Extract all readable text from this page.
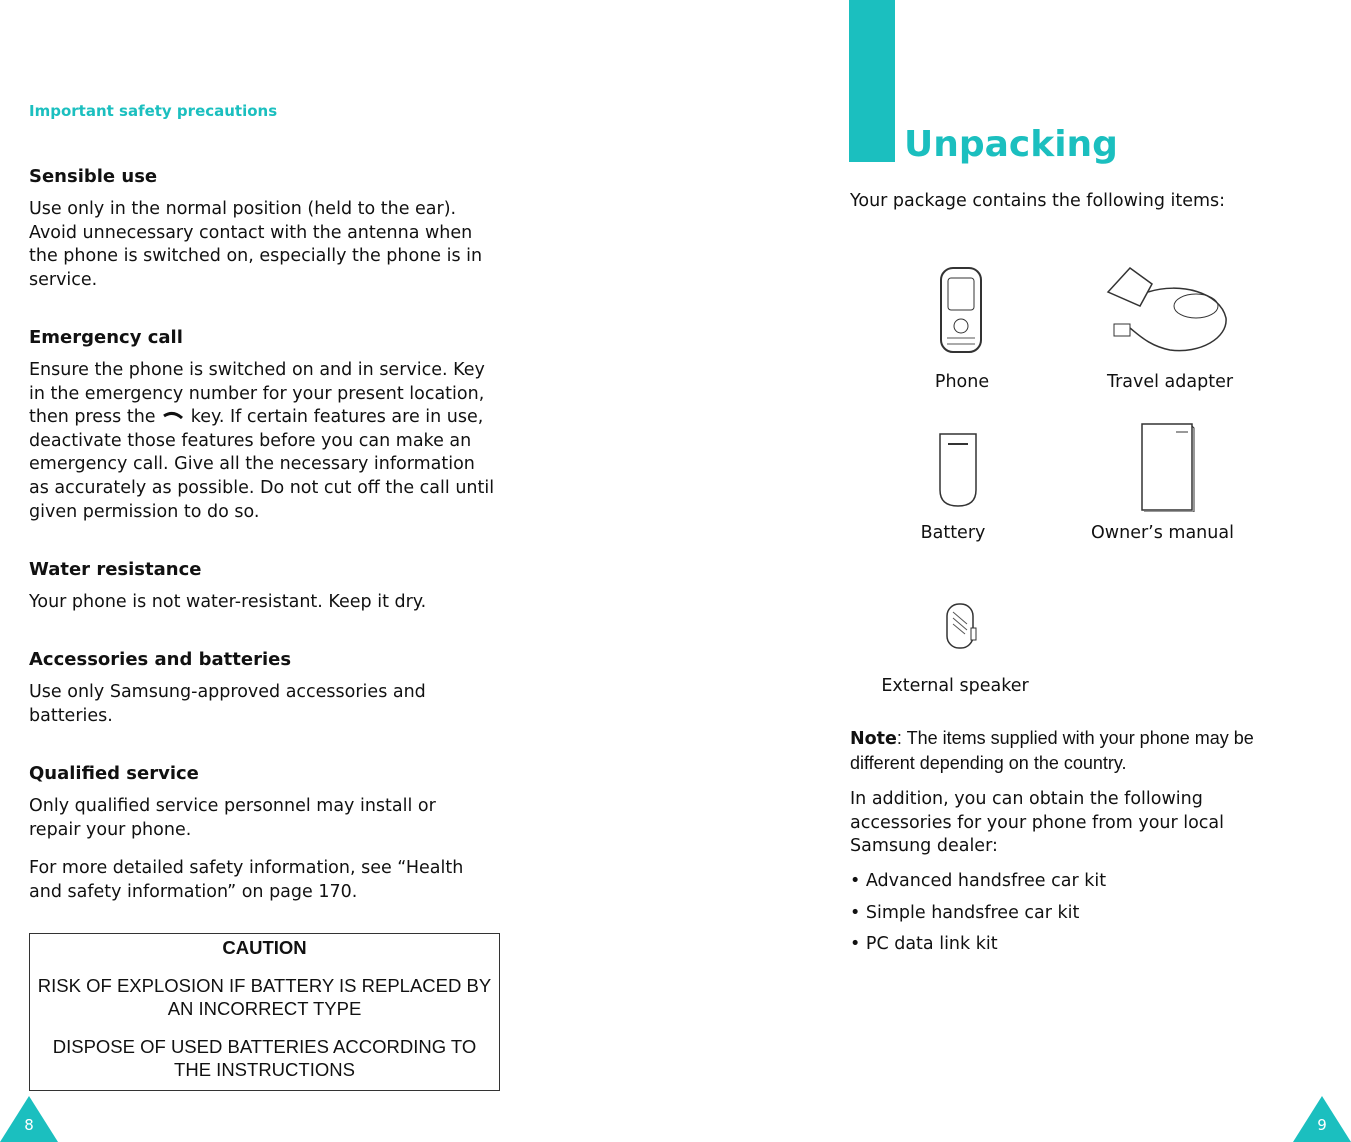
Important safety precautions
Sensible use
Use only in the normal position (held to the ear). Avoid unnecessary contact with the antenna when the phone is switched on, especially the phone is in service.
Emergency call
Ensure the phone is switched on and in service. Key in the emergency number for your present location, then press the key. If certain features are in use, deactivate those features before you can make an emergency call. Give all the necessary information as accurately as possible. Do not cut off the call until given permission to do so.
Water resistance
Your phone is not water-resistant. Keep it dry.
Accessories and batteries
Use only Samsung-approved accessories and batteries.
Qualified service
Only qualified service personnel may install or repair your phone.
For more detailed safety information, see “Health and safety information” on page 170.
CAUTION
RISK OF EXPLOSION IF BATTERY IS REPLACED BY AN INCORRECT TYPE
DISPOSE OF USED BATTERIES ACCORDING TO THE INSTRUCTIONS
8
Unpacking
Your package contains the following items:
Phone	Travel adapter
Battery	Owner’s manual
External speaker
Note: The items supplied with your phone may be different depending on the country.
In addition, you can obtain the following accessories for your phone from your local Samsung dealer:
• Advanced handsfree car kit
• Simple handsfree car kit
• PC data link kit
9
